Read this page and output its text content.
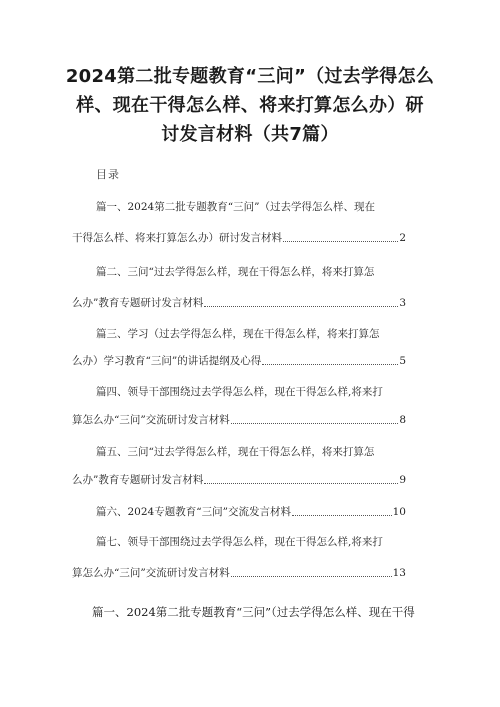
2024第二批专题教育“三问”（过去学得怎么
样、现在干得怎么样、将来打算怎么办）研
讨发言材料（共7篇）
目录
篇一、2024第二批专题教育“三问”（过去学得怎么样、现在
干得怎么样、将来打算怎么办）研讨发言材料	2
篇二、三问“过去学得怎么样，现在干得怎么样，将来打算怎
么办”教育专题研讨发言材料	3
篇三、学习（过去学得怎么样，现在干得怎么样，将来打算怎
么办）学习教育“三问”的讲话提纲及心得	5
篇四、领导干部围绕过去学得怎么样，现在干得怎么样,将来打
算怎么办“三问”交流研讨发言材料	8
篇五、三问“过去学得怎么样，现在干得怎么样，将来打算怎
么办”教育专题研讨发言材料	9
篇六、2024专题教育“三问”交流发言材料	10
篇七、领导干部围绕过去学得怎么样，现在干得怎么样,将来打
算怎么办“三问”交流研讨发言材料	13
篇一、2024第二批专题教育“三问”（过去学得怎么样、现在干得
